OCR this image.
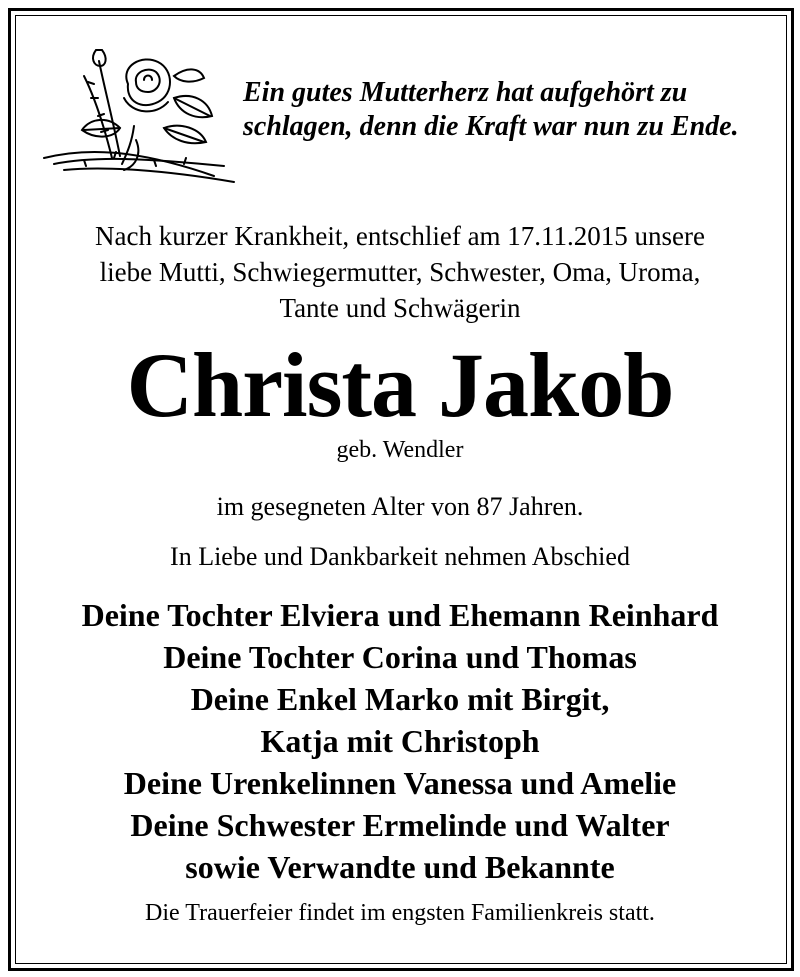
Ein gutes Mutterherz hat aufgehört zu
schlagen, denn die Kraft war nun zu Ende.
Nach kurzer Krankheit, entschlief am 17.11.2015 unsere
liebe Mutti, Schwiegermutter, Schwester, Oma, Uroma,
Tante und Schwägerin
Christa Jakob
geb. Wendler
im gesegneten Alter von 87 Jahren.
In Liebe und Dankbarkeit nehmen Abschied
Deine Tochter Elviera und Ehemann Reinhard
Deine Tochter Corina und Thomas
Deine Enkel Marko mit Birgit,
Katja mit Christoph
Deine Urenkelinnen Vanessa und Amelie
Deine Schwester Ermelinde und Walter
sowie Verwandte und Bekannte
Die Trauerfeier findet im engsten Familienkreis statt.
